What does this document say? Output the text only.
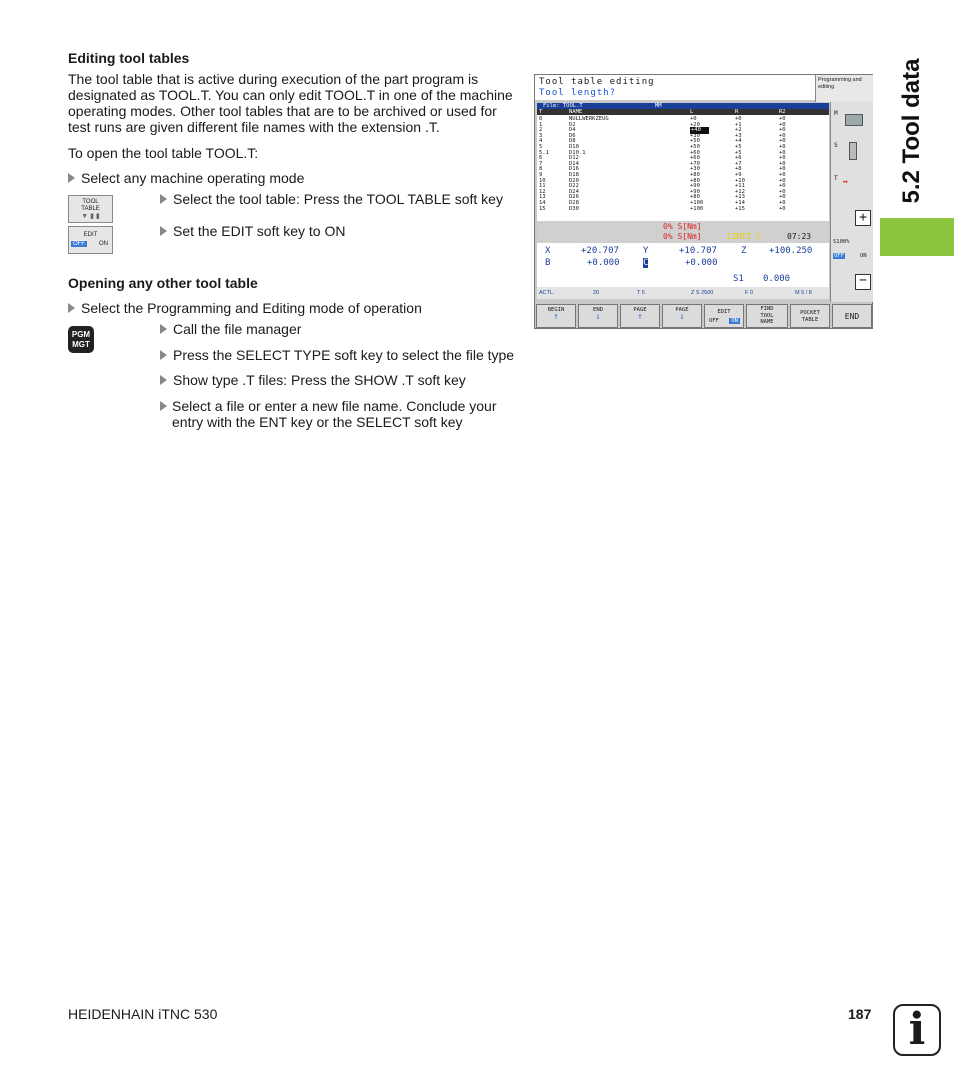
5.2 Tool data
Editing tool tables
The tool table that is active during execution of the part program is designated as TOOL.T. You can only edit TOOL.T in one of the machine operating modes. Other tool tables that are to be archived or used for test runs are given different file names with the extension .T.
To open the tool table TOOL.T:
Select any machine operating mode
TOOL TABLE
▼ ▮ ▮
Select the tool table: Press the TOOL TABLE soft key
EDIT
OFF	ON
Set the EDIT soft key to ON
Opening any other tool table
Select the Programming and Editing mode of operation
PGM
MGT
Call the file manager
Press the SELECT TYPE soft key to select the file type
Show type .T files: Press the SHOW .T soft key
Select a file or enter a new file name. Conclude your entry with the ENT key or the SELECT soft key
Tool table editing
Tool length?
Programming and editing
File: TOOL.T	MM
T	NAME	L	R	R2
0	NULLWERKZEUG	+0	+0	+0
1	D2	+20	+1	+0
2	D4	+40	+2	+0
3	D6	+30	+3	+0
4	D8	+50	+4	+0
5	D10	+50	+5	+0
5.1	D10.1	+60	+5	+0
6	D12	+60	+6	+0
7	D14	+70	+7	+0
8	D16	+30	+8	+0
9	D18	+80	+9	+0
10	D20	+80	+10	+0
11	D22	+90	+11	+0
12	D24	+90	+12	+0
13	D26	+80	+13	+0
14	D28	+100	+14	+0
15	D30	+100	+15	+0
M
S
T ↔
+
S100%
OFF	ON
−
0% S[Nm]
0% S[Nm]	LIMIT 1	07:23
X	+20.707	Y	+10.707	Z	+100.250
B	+0.000	C	+0.000
S1 0.000
ACTL.	20	T 5	Z S 2500	F 0	M 5 / 8
BEGIN
↑
END
↓
PAGE
↑
PAGE
↓	EDIT
OFF	ON
FIND TOOL NAME
POCKET TABLE	END
HEIDENHAIN iTNC 530	187 i
